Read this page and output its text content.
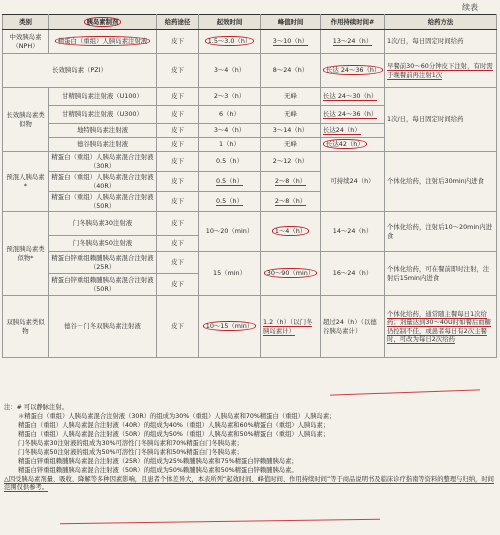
续表
类别	胰岛素制剂	给药途径	起效时间	峰值时间	作用持续时间#	给药方法
中效胰岛素（NPH）	精蛋白（重组）人胰岛素注射液	皮下	1.5～3.0（h）	3～10（h）	13～24（h）	1次/日，每日固定时间给药
长效胰岛素（PZI）		皮下	3～4（h）	8～24（h）	长达 24～36（h）	早餐前30～60分钟皮下注射，有时需于晚餐前再注射1次
长效胰岛素类似物	甘精胰岛素注射液（U100）	皮下	2～3（h）	无峰	长达 24～30（h）	1次/日，每日固定时间给药
	甘精胰岛素注射液（U300）	皮下	6（h）	无峰	长达 24～36（h）	
	地特胰岛素注射液	皮下	3～4（h）	3～14（h）	长达24（h）	
	德谷胰岛素注射液	皮下	1（h）	无峰	长达42（h）	
预混人胰岛素*	精蛋白（重组）人胰岛素混合注射液（30R）	皮下	0.5（h）	2～12（h）	可持续24（h）	个体化给药，注射后30min内进食
	精蛋白（重组）人胰岛素混合注射液（40R）	皮下	0.5（h）	2～8（h）		
	精蛋白（重组）人胰岛素混合注射液（50R）	皮下	0.5（h）	2～8（h）		
预混胰岛素类似物*	门冬胰岛素30注射液	皮下	10～20（min）	1～4（h）	14～24（h）	个体化给药，注射后10～20min内进食
	门冬胰岛素50注射液	皮下				
	精蛋白锌重组赖脯胰岛素混合注射液（25R）	皮下	15（min）	30～90（min）	16～24（h）	个体化给药，可在餐前即时注射，注射后15min内进食
	精蛋白锌重组赖脯胰岛素混合注射液（50R）	皮下				
双胰岛素类似物	德谷－门冬双胰岛素注射液	皮下	10～15（min）	1.2（h）（以门冬胰岛素计）	超过24（h）（以德谷胰岛素计）	个体化给药，通常随主餐每日1次给药；剂量达到30～40U时如餐后血糖仍控制不佳，或患者每日有2次主餐时，可改为每日2次给药

注：# 可以静脉注射。

＊精蛋白（重组）人胰岛素混合注射液（30R）的组成为30%（重组）人胰岛素和70%精蛋白（重组）人胰岛素；

精蛋白（重组）人胰岛素混合注射液（40R）的组成为40%（重组）人胰岛素和60%精蛋白（重组）人胰岛素；

精蛋白（重组）人胰岛素混合注射液（50R）的组成为50%（重组）人胰岛素和50%精蛋白（重组）人胰岛素；

门冬胰岛素30注射液的组成为30%可溶性门冬胰岛素和70%精蛋白门冬胰岛素；

门冬胰岛素50注射液的组成为50%可溶性门冬胰岛素和50%精蛋白门冬胰岛素；

精蛋白锌重组赖脯胰岛素混合注射液（25R）的组成为25%赖脯胰岛素和75%精蛋白锌赖脯胰岛素；

精蛋白锌重组赖脯胰岛素混合注射液（50R）的组成为50%赖脯胰岛素和50%精蛋白锌赖脯胰岛素。

△因受胰岛素剂量、吸收、降解等多种因素影响，且患者个体差异大，本表所列“起效时间、峰值时间、作用持续时间”等于商品说明书及临床诊疗指南等资料的整理与归纳，时间范围仅供参考。
